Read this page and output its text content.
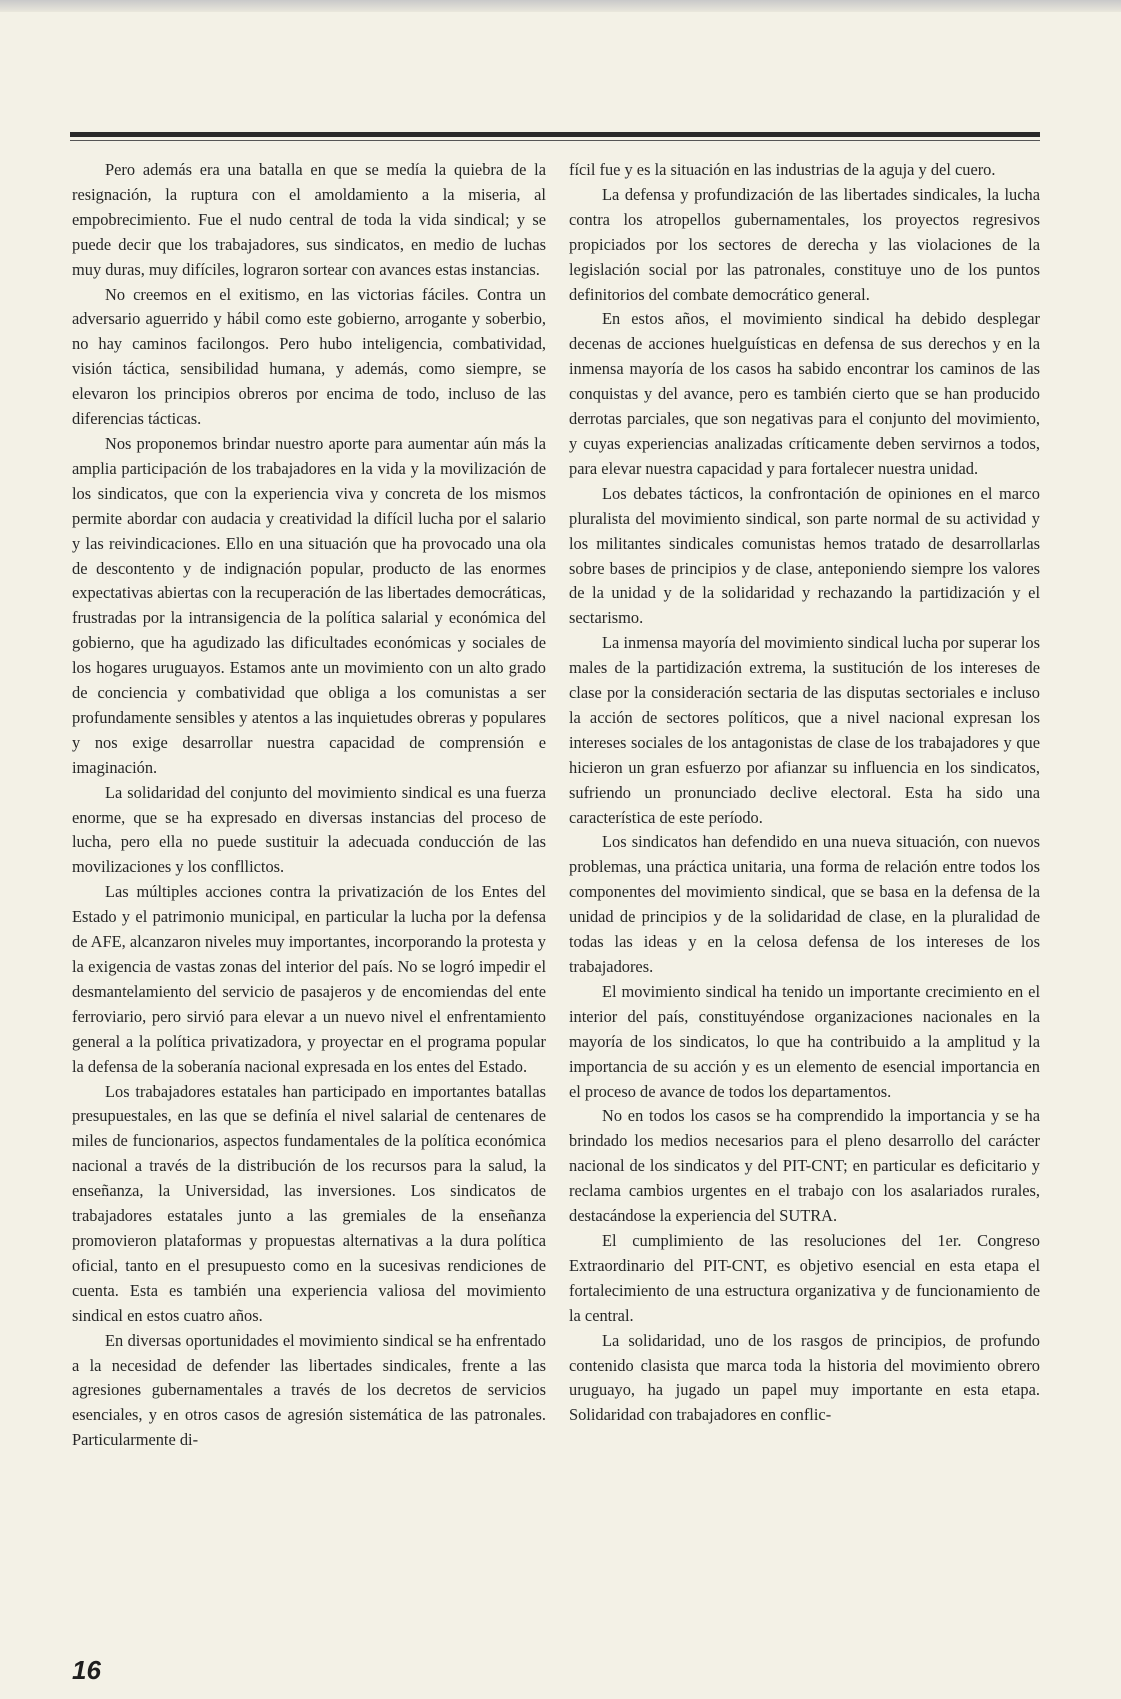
Pero además era una batalla en que se medía la quiebra de la resignación, la ruptura con el amoldamiento a la miseria, al empobrecimiento. Fue el nudo central de toda la vida sindical; y se puede decir que los trabajadores, sus sindicatos, en medio de luchas muy duras, muy difíciles, lograron sortear con avances estas instancias.

No creemos en el exitismo, en las victorias fáciles. Contra un adversario aguerrido y hábil como este gobierno, arrogante y soberbio, no hay caminos facilongos. Pero hubo inteligencia, combatividad, visión táctica, sensibilidad humana, y además, como siempre, se elevaron los principios obreros por encima de todo, incluso de las diferencias tácticas.

Nos proponemos brindar nuestro aporte para aumentar aún más la amplia participación de los trabajadores en la vida y la movilización de los sindicatos, que con la experiencia viva y concreta de los mismos permite abordar con audacia y creatividad la difícil lucha por el salario y las reivindicaciones. Ello en una situación que ha provocado una ola de descontento y de indignación popular, producto de las enormes expectativas abiertas con la recuperación de las libertades democráticas, frustradas por la intransigencia de la política salarial y económica del gobierno, que ha agudizado las dificultades económicas y sociales de los hogares uruguayos. Estamos ante un movimiento con un alto grado de conciencia y combatividad que obliga a los comunistas a ser profundamente sensibles y atentos a las inquietudes obreras y populares y nos exige desarrollar nuestra capacidad de comprensión e imaginación.

La solidaridad del conjunto del movimiento sindical es una fuerza enorme, que se ha expresado en diversas instancias del proceso de lucha, pero ella no puede sustituir la adecuada conducción de las movilizaciones y los confllictos.

Las múltiples acciones contra la privatización de los Entes del Estado y el patrimonio municipal, en particular la lucha por la defensa de AFE, alcanzaron niveles muy importantes, incorporando la protesta y la exigencia de vastas zonas del interior del país. No se logró impedir el desmantelamiento del servicio de pasajeros y de encomiendas del ente ferroviario, pero sirvió para elevar a un nuevo nivel el enfrentamiento general a la política privatizadora, y proyectar en el programa popular la defensa de la soberanía nacional expresada en los entes del Estado.

Los trabajadores estatales han participado en importantes batallas presupuestales, en las que se definía el nivel salarial de centenares de miles de funcionarios, aspectos fundamentales de la política económica nacional a través de la distribución de los recursos para la salud, la enseñanza, la Universidad, las inversiones. Los sindicatos de trabajadores estatales junto a las gremiales de la enseñanza promovieron plataformas y propuestas alternativas a la dura política oficial, tanto en el presupuesto como en la sucesivas rendiciones de cuenta. Esta es también una experiencia valiosa del movimiento sindical en estos cuatro años.

En diversas oportunidades el movimiento sindical se ha enfrentado a la necesidad de defender las libertades sindicales, frente a las agresiones gubernamentales a través de los decretos de servicios esenciales, y en otros casos de agresión sistemática de las patronales. Particularmente di-

fícil fue y es la situación en las industrias de la aguja y del cuero.

La defensa y profundización de las libertades sindicales, la lucha contra los atropellos gubernamentales, los proyectos regresivos propiciados por los sectores de derecha y las violaciones de la legislación social por las patronales, constituye uno de los puntos definitorios del combate democrático general.

En estos años, el movimiento sindical ha debido desplegar decenas de acciones huelguísticas en defensa de sus derechos y en la inmensa mayoría de los casos ha sabido encontrar los caminos de las conquistas y del avance, pero es también cierto que se han producido derrotas parciales, que son negativas para el conjunto del movimiento, y cuyas experiencias analizadas críticamente deben servirnos a todos, para elevar nuestra capacidad y para fortalecer nuestra unidad.

Los debates tácticos, la confrontación de opiniones en el marco pluralista del movimiento sindical, son parte normal de su actividad y los militantes sindicales comunistas hemos tratado de desarrollarlas sobre bases de principios y de clase, anteponiendo siempre los valores de la unidad y de la solidaridad y rechazando la partidización y el sectarismo.

La inmensa mayoría del movimiento sindical lucha por superar los males de la partidización extrema, la sustitución de los intereses de clase por la consideración sectaria de las disputas sectoriales e incluso la acción de sectores políticos, que a nivel nacional expresan los intereses sociales de los antagonistas de clase de los trabajadores y que hicieron un gran esfuerzo por afianzar su influencia en los sindicatos, sufriendo un pronunciado declive electoral. Esta ha sido una característica de este período.

Los sindicatos han defendido en una nueva situación, con nuevos problemas, una práctica unitaria, una forma de relación entre todos los componentes del movimiento sindical, que se basa en la defensa de la unidad de principios y de la solidaridad de clase, en la pluralidad de todas las ideas y en la celosa defensa de los intereses de los trabajadores.

El movimiento sindical ha tenido un importante crecimiento en el interior del país, constituyéndose organizaciones nacionales en la mayoría de los sindicatos, lo que ha contribuido a la amplitud y la importancia de su acción y es un elemento de esencial importancia en el proceso de avance de todos los departamentos.

No en todos los casos se ha comprendido la importancia y se ha brindado los medios necesarios para el pleno desarrollo del carácter nacional de los sindicatos y del PIT-CNT; en particular es deficitario y reclama cambios urgentes en el trabajo con los asalariados rurales, destacándose la experiencia del SUTRA.

El cumplimiento de las resoluciones del 1er. Congreso Extraordinario del PIT-CNT, es objetivo esencial en esta etapa el fortalecimiento de una estructura organizativa y de funcionamiento de la central.

La solidaridad, uno de los rasgos de principios, de profundo contenido clasista que marca toda la historia del movimiento obrero uruguayo, ha jugado un papel muy importante en esta etapa. Solidaridad con trabajadores en conflic-

16
